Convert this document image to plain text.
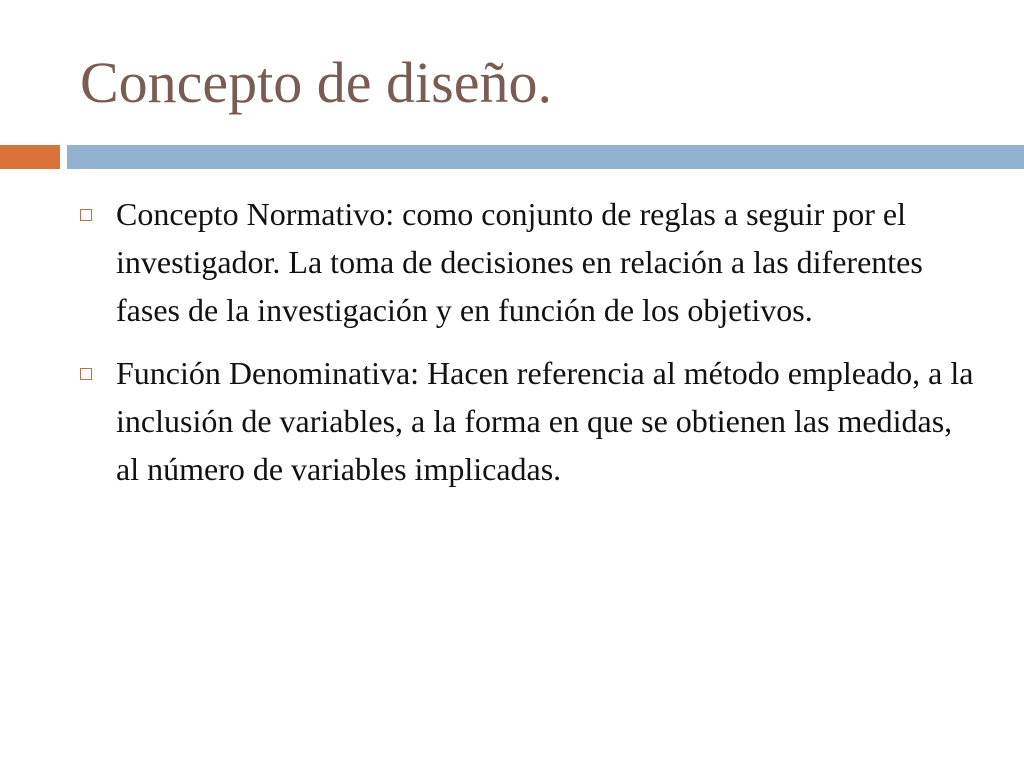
Concepto de diseño.
Concepto Normativo: como conjunto de reglas a seguir por el investigador. La toma de decisiones en relación a las diferentes fases de la investigación y en función de los objetivos.
Función Denominativa: Hacen referencia al método empleado, a la inclusión de variables, a la forma en que se obtienen las medidas, al número de variables implicadas.
